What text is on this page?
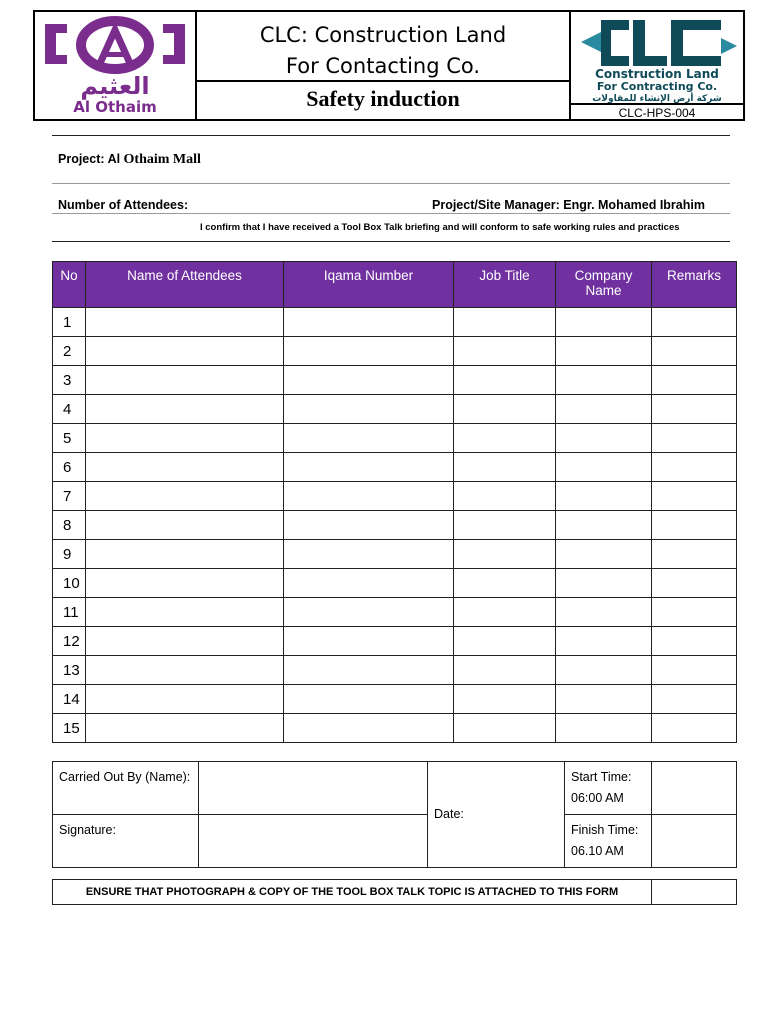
العثيم
Al Othaim
CLC: Construction Land
For Contacting Co.
Safety induction
Construction Land
For Contracting Co.
شركة أرض الإنشاء للمقاولات
CLC-HPS-004
Project: Al Othaim Mall
Number of Attendees:	Project/Site Manager: Engr. Mohamed Ibrahim
I confirm that I have received a Tool Box Talk briefing and will conform to safe working rules and practices
No	Name of Attendees	Iqama Number	Job Title	Company Name	Remarks
1					
2					
3					
4					
5					
6					
7					
8					
9					
10					
11					
12					
13					
14					
15					
Carried Out By (Name):		Date:	Start Time:
06:00 AM	

Signature:			Finish Time:
06.10 AM	

ENSURE THAT PHOTOGRAPH & COPY OF THE TOOL BOX TALK TOPIC IS ATTACHED TO THIS FORM	
